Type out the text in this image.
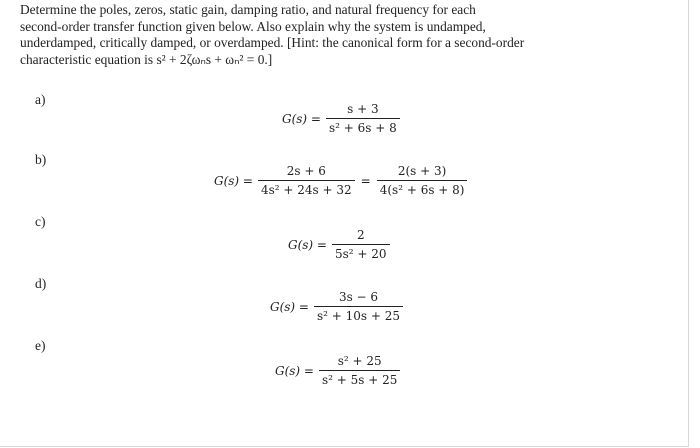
Determine the poles, zeros, static gain, damping ratio, and natural frequency for each
second-order transfer function given below. Also explain why the system is undamped,
underdamped, critically damped, or overdamped. [Hint: the canonical form for a second-order
characteristic equation is s² + 2ζωₙs + ωₙ² = 0.]
a)
$G(s) = \frac{s + 3}{\text{s² + 6s + 8}}$
b)
$G(s) = \frac{2s + 6}{\text{4s² + 24s + 32}} = \frac{2(s + 3)}{\text{4(s² + 6s + 8)}}$
c)
$G(s) = \frac{2}{\text{5s² + 20}}$
d)
$G(s) = \frac{3s - 6}{\text{s² + 10s + 25}}$
e)
$G(s) = \frac{\text{s² + 25}}{\text{s² + 5s + 25}}$
